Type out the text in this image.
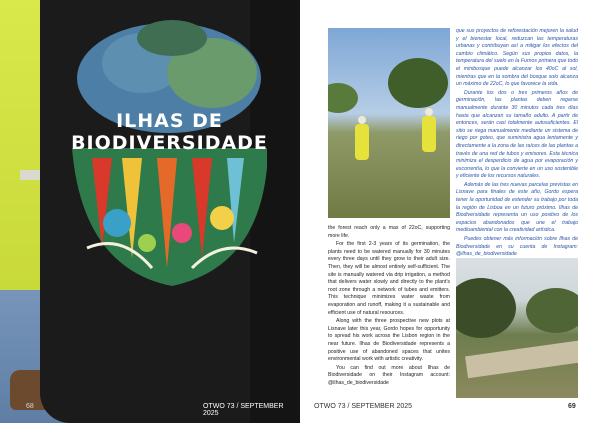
ILHAS DE
BIODIVERSIDADE
68	OTWO 73 / SEPTEMBER 2025

the forest reach only a max of 22oC, supporting more life.

For the first 2-3 years of its germination, the plants need to be watered manually for 30 minutes every three days until they grow to their adult size. Then, they will be almost entirely self-sufficient. The site is manually watered via drip irrigation, a method that delivers water slowly and directly to the plant’s root zone through a network of tubes and emitters. This technique minimizes water waste from evaporation and runoff, making it a sustainable and efficient use of natural resources.

Along with the three prospective new plots at Lisnave later this year, Gordo hopes for opportunity to spread his work across the Lisbon region in the near future. Ilhas de Biodiversidade represents a positive use of abandoned spaces that unites environmental work with artistic creativity.

You can find out more about Ilhas de Biodiversidade on their Instagram account: @ilhas_de_biodiversidade

que sus proyectos de reforestación mejoren la salud y el bienestar local, reduzcan las temperaturas urbanas y contribuyan así a mitigar los efectos del cambio climático. Según sus propios datos, la temperatura del suelo en la Furnos primera que todo el minibosque puede alcanzar los 40oC al sol, mientras que en la sombra del bosque solo alcanza un máximo de 22oC, lo que favorece la vida.

Durante los dos o tres primeros años de germinación, las plantas deben regarse manualmente durante 30 minutos cada tres días hasta que alcanzan su tamaño adulto. A partir de entonces, serán casi totalmente autosuficientes. El sitio se riega manualmente mediante un sistema de riego por goteo, que suministra agua lentamente y directamente a la zona de las raíces de las plantas a través de una red de tubos y emisores. Esta técnica minimiza el desperdicio de agua por evaporación y escorrentía, lo que la convierte en un uso sostenible y eficiente de los recursos naturales.

Además de las tres nuevas parcelas previstas en Lisnave para finales de este año, Gordo espera tener la oportunidad de extender su trabajo por toda la región de Lisboa en un futuro próximo. Ilhas de Biodiversidade representa un uso positivo de los espacios abandonados que une el trabajo medioambiental con la creatividad artística.

Puedes obtener más información sobre Ilhas de Biodiversidade en su cuenta de Instagram: @ilhas_de_biodiversidade

OTWO 73 / SEPTEMBER 2025	69
